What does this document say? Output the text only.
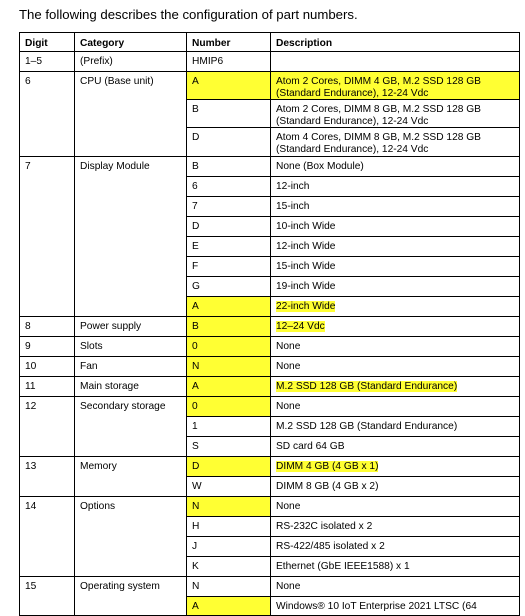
The following describes the configuration of part numbers.
Digit	Category	Number	Description
1–5	(Prefix)	HMIP6	
6	CPU (Base unit)	A	Atom 2 Cores, DIMM 4 GB, M.2 SSD 128 GB (Standard Endurance), 12-24 Vdc
		B	Atom 2 Cores, DIMM 8 GB, M.2 SSD 128 GB (Standard Endurance), 12-24 Vdc
		D	Atom 4 Cores, DIMM 8 GB, M.2 SSD 128 GB (Standard Endurance), 12-24 Vdc
7	Display Module	B	None (Box Module)
		6	12-inch
		7	15-inch
		D	10-inch Wide
		E	12-inch Wide
		F	15-inch Wide
		G	19-inch Wide
		A	22-inch Wide
8	Power supply	B	12–24 Vdc
9	Slots	0	None
10	Fan	N	None
11	Main storage	A	M.2 SSD 128 GB (Standard Endurance)
12	Secondary storage	0	None
		1	M.2 SSD 128 GB (Standard Endurance)
		S	SD card 64 GB
13	Memory	D	DIMM 4 GB (4 GB x 1)
		W	DIMM 8 GB (4 GB x 2)
14	Options	N	None
		H	RS-232C isolated x 2
		J	RS-422/485 isolated x 2
		K	Ethernet (GbE IEEE1588) x 1
15	Operating system	N	None

		A	Windows® 10 IoT Enterprise 2021 LTSC (64
